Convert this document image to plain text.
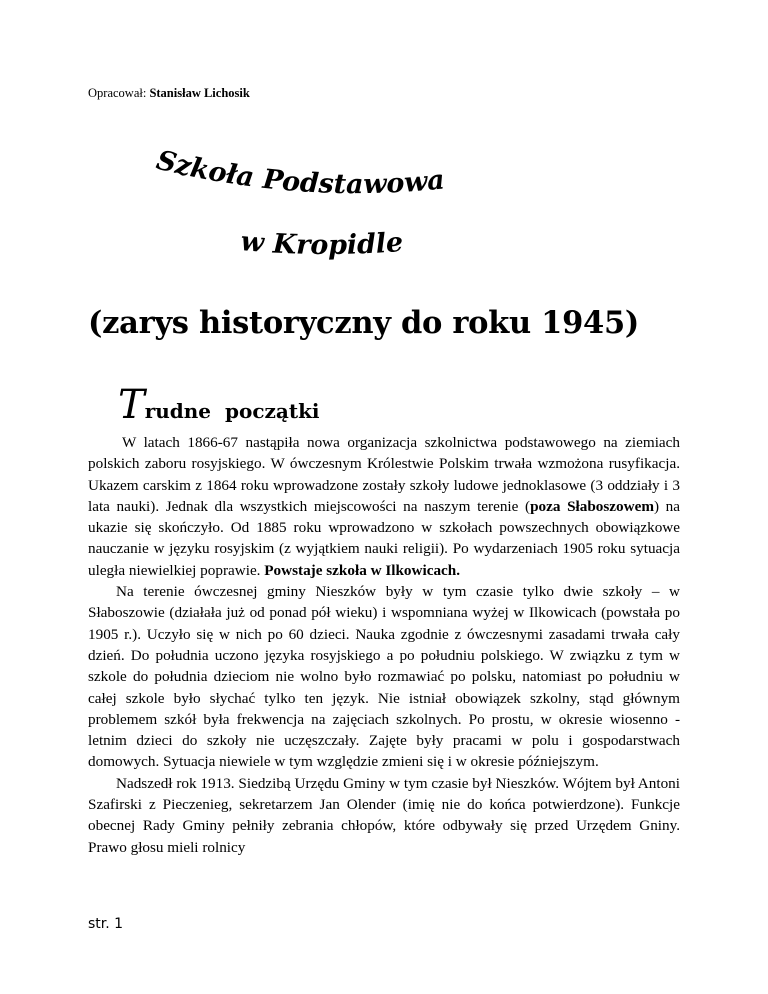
Opracował: Stanisław Lichosik
Szkoła Podstawowa
w Kropidle
(zarys historyczny do roku 1945)
Trudne początki

W latach 1866-67 nastąpiła nowa organizacja szkolnictwa podstawowego na ziemiach polskich zaboru rosyjskiego. W ówczesnym Królestwie Polskim trwała wzmożona rusyfikacja. Ukazem carskim z 1864 roku wprowadzone zostały szkoły ludowe jednoklasowe (3 oddziały i 3 lata nauki). Jednak dla wszystkich miejscowości na naszym terenie (poza Słaboszowem) na ukazie się skończyło. Od 1885 roku wprowadzono w szkołach powszechnych obowiązkowe nauczanie w języku rosyjskim (z wyjątkiem nauki religii). Po wydarzeniach 1905 roku sytuacja uległa niewielkiej poprawie. Powstaje szkoła w Ilkowicach.

Na terenie ówczesnej gminy Nieszków były w tym czasie tylko dwie szkoły – w Słaboszowie (działała już od ponad pół wieku) i wspomniana wyżej w Ilkowicach (powstała po 1905 r.). Uczyło się w nich po 60 dzieci. Nauka zgodnie z ówczesnymi zasadami trwała cały dzień. Do południa uczono języka rosyjskiego a po południu polskiego. W związku z tym w szkole do południa dzieciom nie wolno było rozmawiać po polsku, natomiast po południu w całej szkole było słychać tylko ten język. Nie istniał obowiązek szkolny, stąd głównym problemem szkół była frekwencja na zajęciach szkolnych. Po prostu, w okresie wiosenno - letnim dzieci do szkoły nie uczęszczały. Zajęte były pracami w polu i gospodarstwach domowych. Sytuacja niewiele w tym względzie zmieni się i w okresie późniejszym.

Nadszedł rok 1913. Siedzibą Urzędu Gminy w tym czasie był Nieszków. Wójtem był Antoni Szafirski z Pieczenieg, sekretarzem Jan Olender (imię nie do końca potwierdzone). Funkcje obecnej Rady Gminy pełniły zebrania chłopów, które odbywały się przed Urzędem Gniny. Prawo głosu mieli rolnicy

str. 1
